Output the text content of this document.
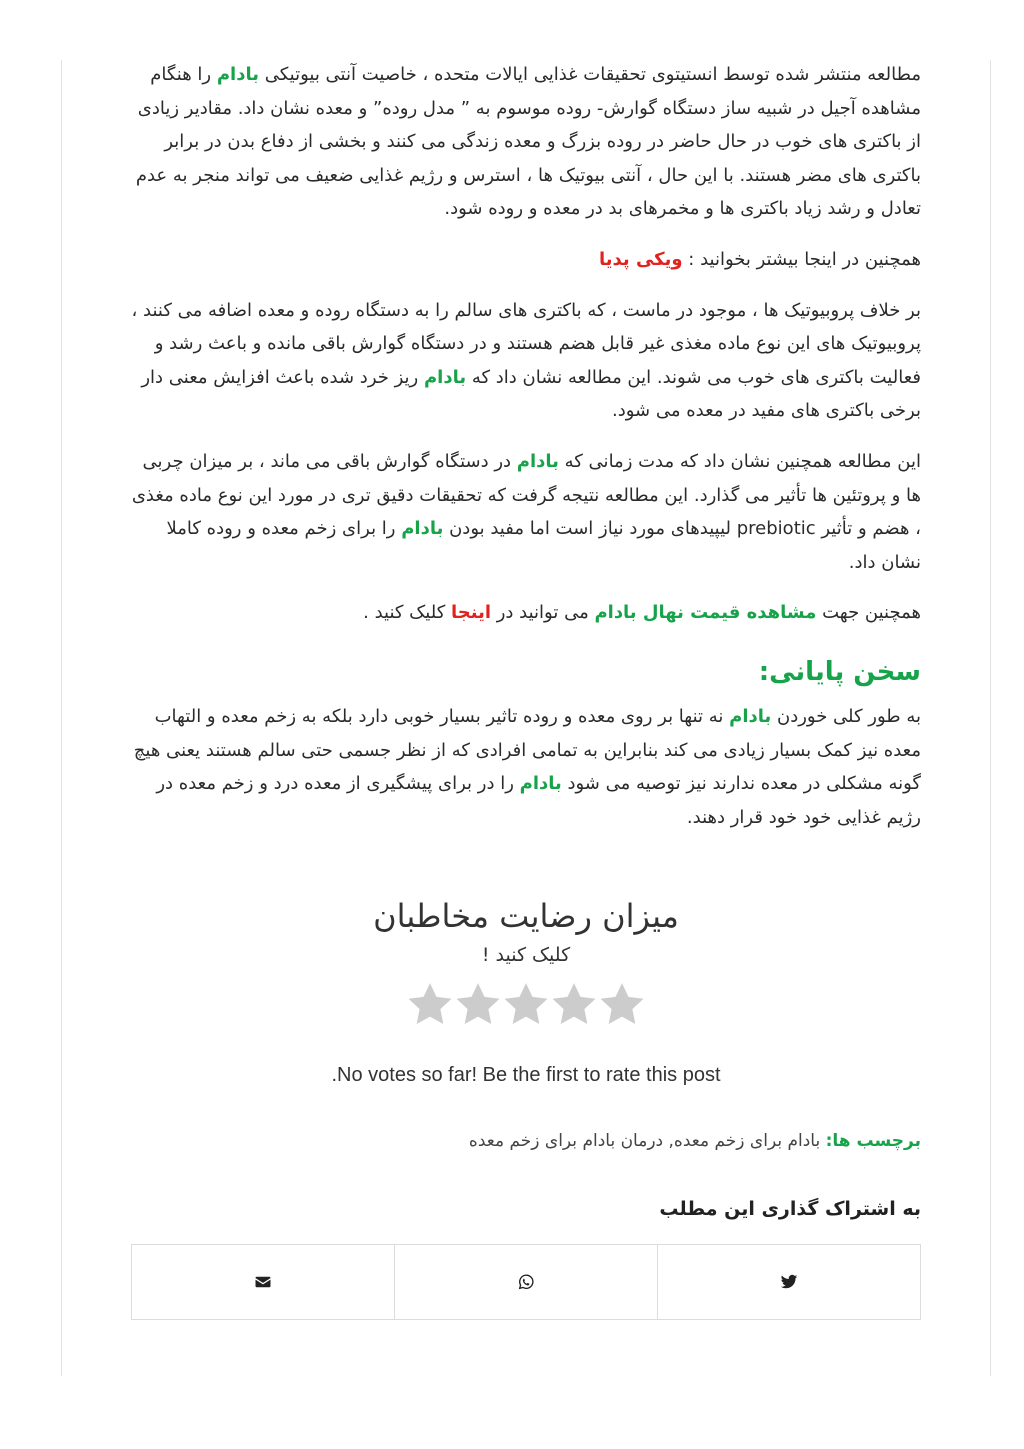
مطالعه منتشر شده توسط انستیتوی تحقیقات غذایی ایالات متحده ، خاصیت آنتی بیوتیکی بادام را هنگام مشاهده آجیل در شبیه ساز دستگاه گوارش- روده موسوم به ” مدل روده” و معده نشان داد. مقادیر زیادی از باکتری های خوب در حال حاضر در روده بزرگ و معده زندگی می کنند و بخشی از دفاع بدن در برابر باکتری های مضر هستند. با این حال ، آنتی بیوتیک ها ، استرس و رژیم غذایی ضعیف می تواند منجر به عدم تعادل و رشد زیاد باکتری ها و مخمرهای بد در معده و روده شود.

همچنین در اینجا بیشتر بخوانید : ویکی پدیا

بر خلاف پروبیوتیک ها ، موجود در ماست ، که باکتری های سالم را به دستگاه روده و معده اضافه می کنند ، پروبیوتیک های این نوع ماده مغذی غیر قابل هضم هستند و در دستگاه گوارش باقی مانده و باعث رشد و فعالیت باکتری های خوب می شوند. این مطالعه نشان داد که بادام ریز خرد شده باعث افزایش معنی دار برخی باکتری های مفید در معده می شود.

این مطالعه همچنین نشان داد که مدت زمانی که بادام در دستگاه گوارش باقی می ماند ، بر میزان چربی ها و پروتئین ها تأثیر می گذارد. این مطالعه نتیجه گرفت که تحقیقات دقیق تری در مورد این نوع ماده مغذی ، هضم و تأثیر prebiotic لیپیدهای مورد نیاز است اما مفید بودن بادام را برای زخم معده و روده کاملا نشان داد.

همچنین جهت مشاهده قیمت نهال بادام می توانید در اینجا کلیک کنید .

سخن پایانی:

به طور کلی خوردن بادام نه تنها بر روی معده و روده تاثیر بسیار خوبی دارد بلکه به زخم معده و التهاب معده نیز کمک بسیار زیادی می کند بنابراین به تمامی افرادی که از نظر جسمی حتی سالم هستند یعنی هیچ گونه مشکلی در معده ندارند نیز توصیه می شود بادام را در برای پیشگیری از معده درد و زخم معده در رژیم غذایی خود خود قرار دهند.

میزان رضایت مخاطبان
کلیک کنید !
No votes so far! Be the first to rate this post.
برچسب ها: بادام برای زخم معده, درمان بادام برای زخم معده
به اشتراک گذاری این مطلب
